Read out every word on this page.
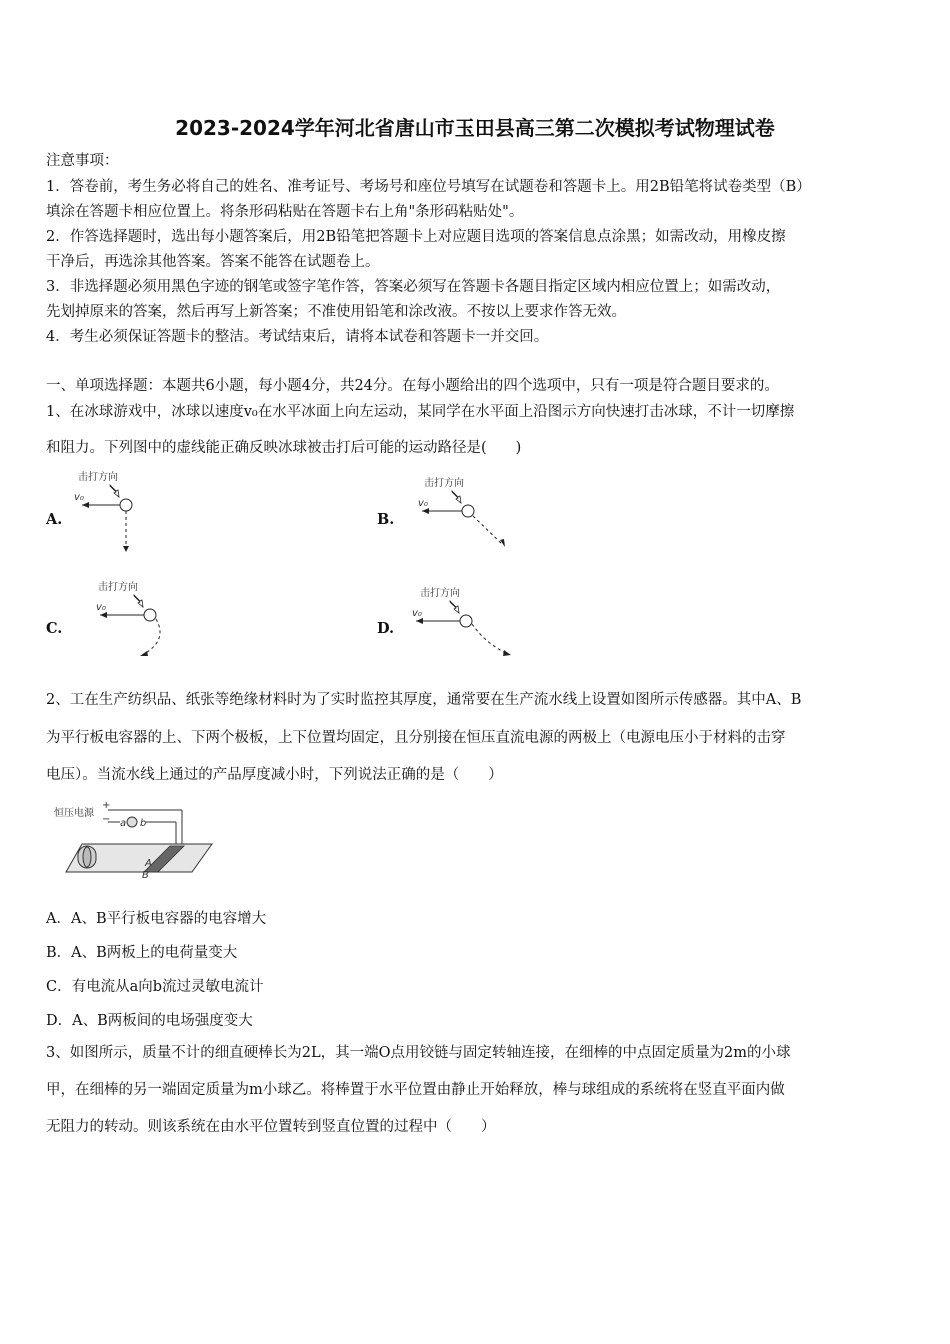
2023-2024学年河北省唐山市玉田县高三第二次模拟考试物理试卷
注意事项：
1．答卷前，考生务必将自己的姓名、准考证号、考场号和座位号填写在试题卷和答题卡上。用2B铅笔将试卷类型（B）
填涂在答题卡相应位置上。将条形码粘贴在答题卡右上角"条形码粘贴处"。
2．作答选择题时，选出每小题答案后，用2B铅笔把答题卡上对应题目选项的答案信息点涂黑；如需改动，用橡皮擦
干净后，再选涂其他答案。答案不能答在试题卷上。
3．非选择题必须用黑色字迹的钢笔或签字笔作答，答案必须写在答题卡各题目指定区域内相应位置上；如需改动，
先划掉原来的答案，然后再写上新答案；不准使用铅笔和涂改液。不按以上要求作答无效。
4．考生必须保证答题卡的整洁。考试结束后，请将本试卷和答题卡一并交回。
一、单项选择题：本题共6小题，每小题4分，共24分。在每小题给出的四个选项中，只有一项是符合题目要求的。
1、在冰球游戏中，冰球以速度v₀在水平冰面上向左运动，某同学在水平面上沿图示方向快速打击冰球，不计一切摩擦
和阻力。下列图中的虚线能正确反映冰球被击打后可能的运动路径是(　　)
A.
击打方向
v₀
B.
击打方向
v₀
C.
击打方向
v₀
D.
击打方向
v₀
2、工在生产纺织品、纸张等绝缘材料时为了实时监控其厚度，通常要在生产流水线上设置如图所示传感器。其中A、B
为平行板电容器的上、下两个极板，上下位置均固定，且分别接在恒压直流电源的两极上（电源电压小于材料的击穿
电压）。当流水线上通过的产品厚度减小时，下列说法正确的是（　　）
恒压电源
+
− a b
A
B
A．A、B平行板电容器的电容增大
B．A、B两板上的电荷量变大
C．有电流从a向b流过灵敏电流计
D．A、B两板间的电场强度变大
3、如图所示，质量不计的细直硬棒长为2L，其一端O点用铰链与固定转轴连接，在细棒的中点固定质量为2m的小球
甲，在细棒的另一端固定质量为m小球乙。将棒置于水平位置由静止开始释放，棒与球组成的系统将在竖直平面内做
无阻力的转动。则该系统在由水平位置转到竖直位置的过程中（　　）
